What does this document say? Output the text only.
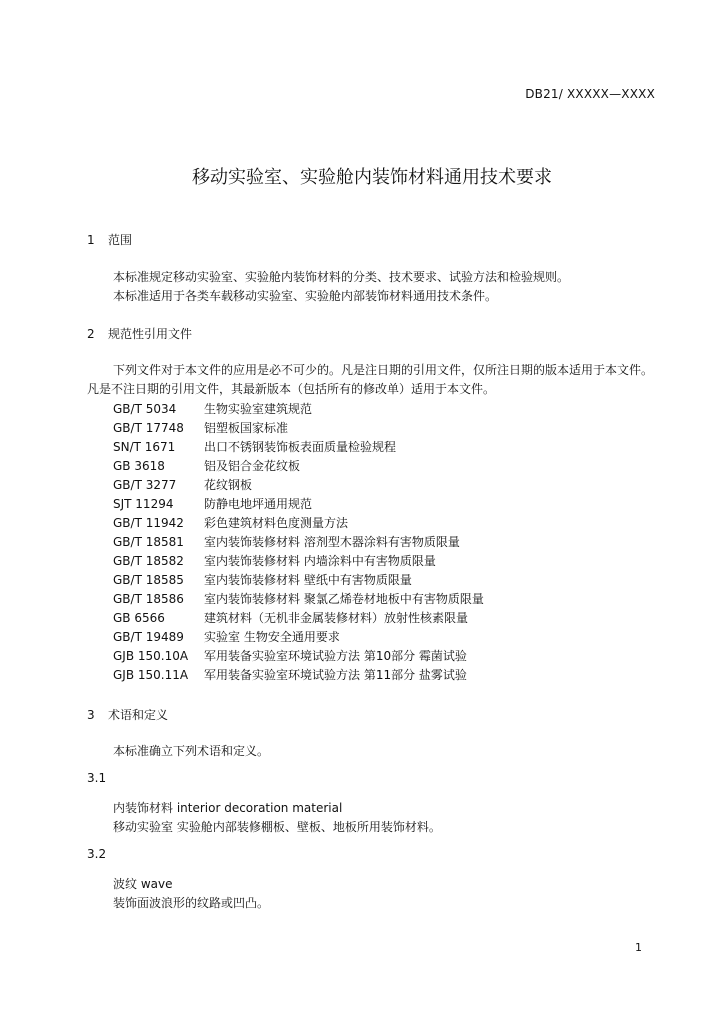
DB21/ XXXXX—XXXX
移动实验室、实验舱内装饰材料通用技术要求
1 范围
本标准规定移动实验室、实验舱内装饰材料的分类、技术要求、试验方法和检验规则。
本标准适用于各类车载移动实验室、实验舱内部装饰材料通用技术条件。
2 规范性引用文件
下列文件对于本文件的应用是必不可少的。凡是注日期的引用文件，仅所注日期的版本适用于本文件。凡是不注日期的引用文件，其最新版本（包括所有的修改单）适用于本文件。
GB/T 5034 生物实验室建筑规范
GB/T 17748 铝塑板国家标准
SN/T 1671 出口不锈钢装饰板表面质量检验规程
GB 3618	铝及铝合金花纹板
GB/T 3277 花纹钢板
SJT 11294	防静电地坪通用规范
GB/T 11942 彩色建筑材料色度测量方法
GB/T 18581 室内装饰装修材料 溶剂型木器涂料有害物质限量
GB/T 18582 室内装饰装修材料 内墙涂料中有害物质限量
GB/T 18585 室内装饰装修材料 壁纸中有害物质限量
GB/T 18586 室内装饰装修材料 聚氯乙烯卷材地板中有害物质限量
GB 6566	建筑材料（无机非金属装修材料）放射性核素限量
GB/T 19489 实验室 生物安全通用要求
GJB 150.10A 军用装备实验室环境试验方法 第10部分 霉菌试验
GJB 150.11A 军用装备实验室环境试验方法 第11部分 盐雾试验
3 术语和定义
本标准确立下列术语和定义。
3.1
内装饰材料 interior decoration material
移动实验室 实验舱内部装修棚板、壁板、地板所用装饰材料。
3.2
波纹 wave
装饰面波浪形的纹路或凹凸。
1
